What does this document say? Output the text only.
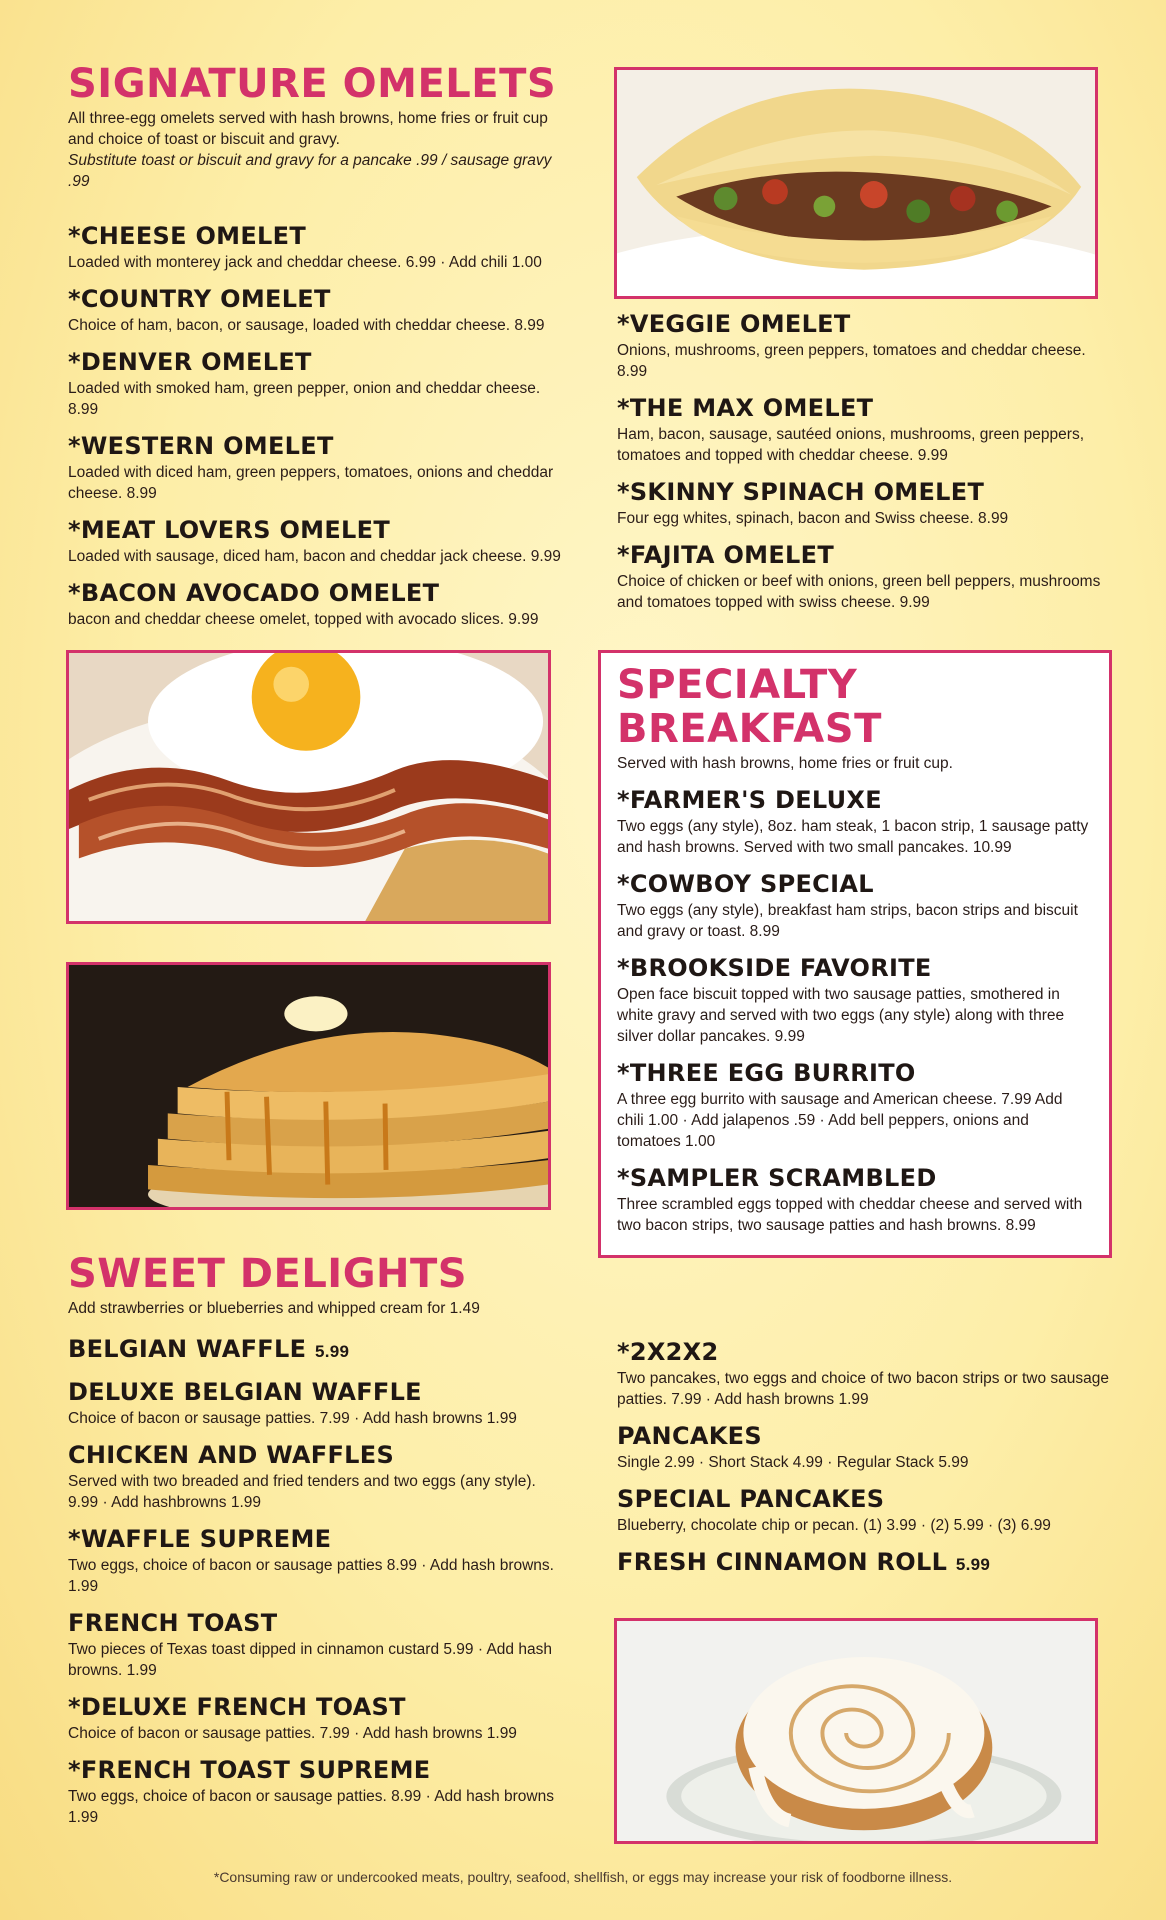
SIGNATURE OMELETS

All three-egg omelets served with hash browns, home fries or fruit cup and choice of toast or biscuit and gravy.

Substitute toast or biscuit and gravy for a pancake .99 / sausage gravy .99

*CHEESE OMELET

Loaded with monterey jack and cheddar cheese. 6.99 · Add chili 1.00

*COUNTRY OMELET

Choice of ham, bacon, or sausage, loaded with cheddar cheese. 8.99

*DENVER OMELET

Loaded with smoked ham, green pepper, onion and cheddar cheese. 8.99

*WESTERN OMELET

Loaded with diced ham, green peppers, tomatoes, onions and cheddar cheese. 8.99

*MEAT LOVERS OMELET

Loaded with sausage, diced ham, bacon and cheddar jack cheese. 9.99

*BACON AVOCADO OMELET

bacon and cheddar cheese omelet, topped with avocado slices. 9.99

*VEGGIE OMELET

Onions, mushrooms, green peppers, tomatoes and cheddar cheese. 8.99

*THE MAX OMELET

Ham, bacon, sausage, sautéed onions, mushrooms, green peppers, tomatoes and topped with cheddar cheese. 9.99

*SKINNY SPINACH OMELET

Four egg whites, spinach, bacon and Swiss cheese. 8.99

*FAJITA OMELET

Choice of chicken or beef with onions, green bell peppers, mushrooms and tomatoes topped with swiss cheese. 9.99

SPECIALTY BREAKFAST

Served with hash browns, home fries or fruit cup.

*FARMER'S DELUXE

Two eggs (any style), 8oz. ham steak, 1 bacon strip, 1 sausage patty and hash browns. Served with two small pancakes. 10.99

*COWBOY SPECIAL

Two eggs (any style), breakfast ham strips, bacon strips and biscuit and gravy or toast. 8.99

*BROOKSIDE FAVORITE

Open face biscuit topped with two sausage patties, smothered in white gravy and served with two eggs (any style) along with three silver dollar pancakes. 9.99

*THREE EGG BURRITO

A three egg burrito with sausage and American cheese. 7.99 Add chili 1.00 · Add jalapenos .59 · Add bell peppers, onions and tomatoes 1.00

*SAMPLER SCRAMBLED

Three scrambled eggs topped with cheddar cheese and served with two bacon strips, two sausage patties and hash browns. 8.99

SWEET DELIGHTS

Add strawberries or blueberries and whipped cream for 1.49

BELGIAN WAFFLE 5.99
DELUXE BELGIAN WAFFLE

Choice of bacon or sausage patties. 7.99 · Add hash browns 1.99

CHICKEN AND WAFFLES

Served with two breaded and fried tenders and two eggs (any style). 9.99 · Add hashbrowns 1.99

*WAFFLE SUPREME

Two eggs, choice of bacon or sausage patties 8.99 · Add hash browns. 1.99

FRENCH TOAST

Two pieces of Texas toast dipped in cinnamon custard 5.99 · Add hash browns. 1.99

*DELUXE FRENCH TOAST

Choice of bacon or sausage patties. 7.99 · Add hash browns 1.99

*FRENCH TOAST SUPREME

Two eggs, choice of bacon or sausage patties. 8.99 · Add hash browns 1.99

*2X2X2

Two pancakes, two eggs and choice of two bacon strips or two sausage patties. 7.99 · Add hash browns 1.99

PANCAKES

Single 2.99 · Short Stack 4.99 · Regular Stack 5.99

SPECIAL PANCAKES

Blueberry, chocolate chip or pecan. (1) 3.99 · (2) 5.99 · (3) 6.99

FRESH CINNAMON ROLL 5.99
*Consuming raw or undercooked meats, poultry, seafood, shellfish, or eggs may increase your risk of foodborne illness.
